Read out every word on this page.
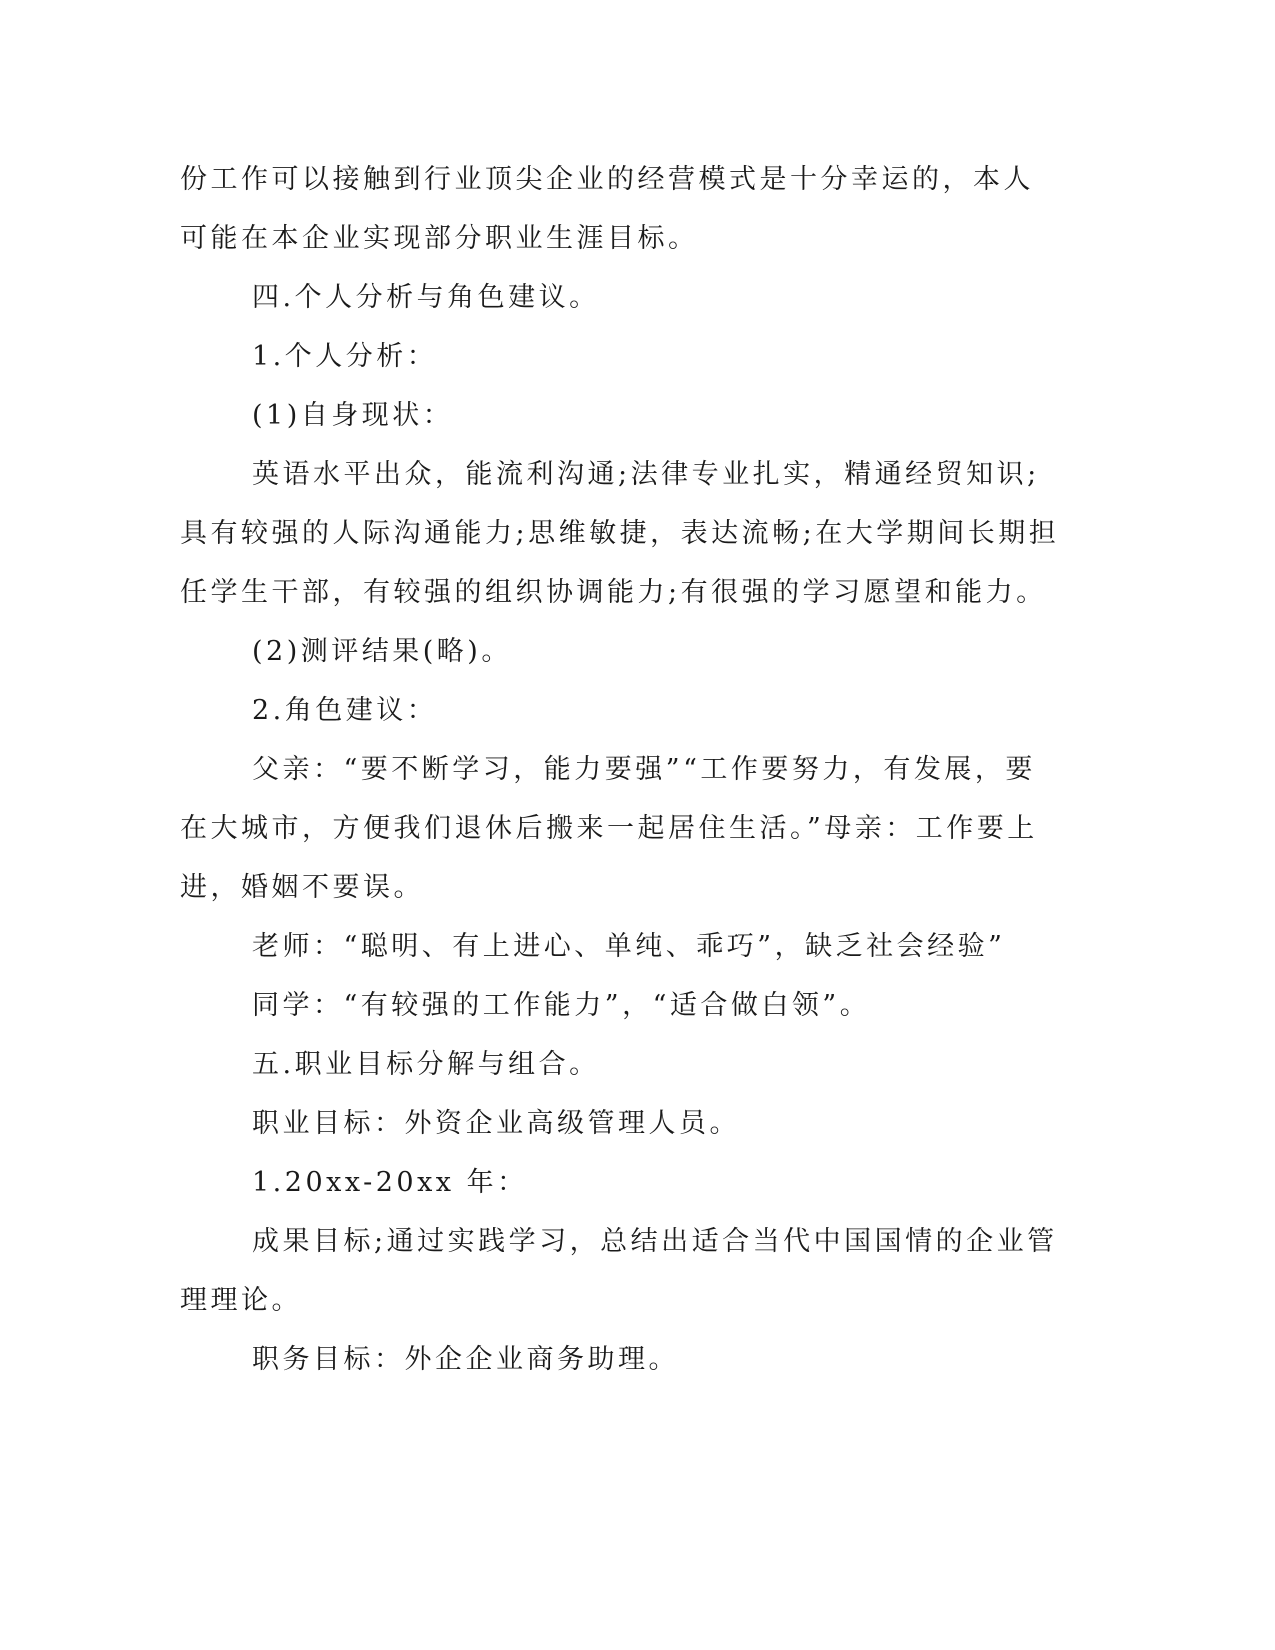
份工作可以接触到行业顶尖企业的经营模式是十分幸运的，本人可能在本企业实现部分职业生涯目标。

四.个人分析与角色建议。

1.个人分析：

(1)自身现状：

英语水平出众，能流利沟通;法律专业扎实，精通经贸知识;具有较强的人际沟通能力;思维敏捷，表达流畅;在大学期间长期担任学生干部，有较强的组织协调能力;有很强的学习愿望和能力。

(2)测评结果(略)。

2.角色建议：

父亲：“要不断学习，能力要强”“工作要努力，有发展，要在大城市，方便我们退休后搬来一起居住生活。”母亲：工作要上进，婚姻不要误。

老师：“聪明、有上进心、单纯、乖巧”，缺乏社会经验”

同学：“有较强的工作能力”，“适合做白领”。

五.职业目标分解与组合。

职业目标：外资企业高级管理人员。

1.20xx-20xx 年：

成果目标;通过实践学习，总结出适合当代中国国情的企业管理理论。

职务目标：外企企业商务助理。
